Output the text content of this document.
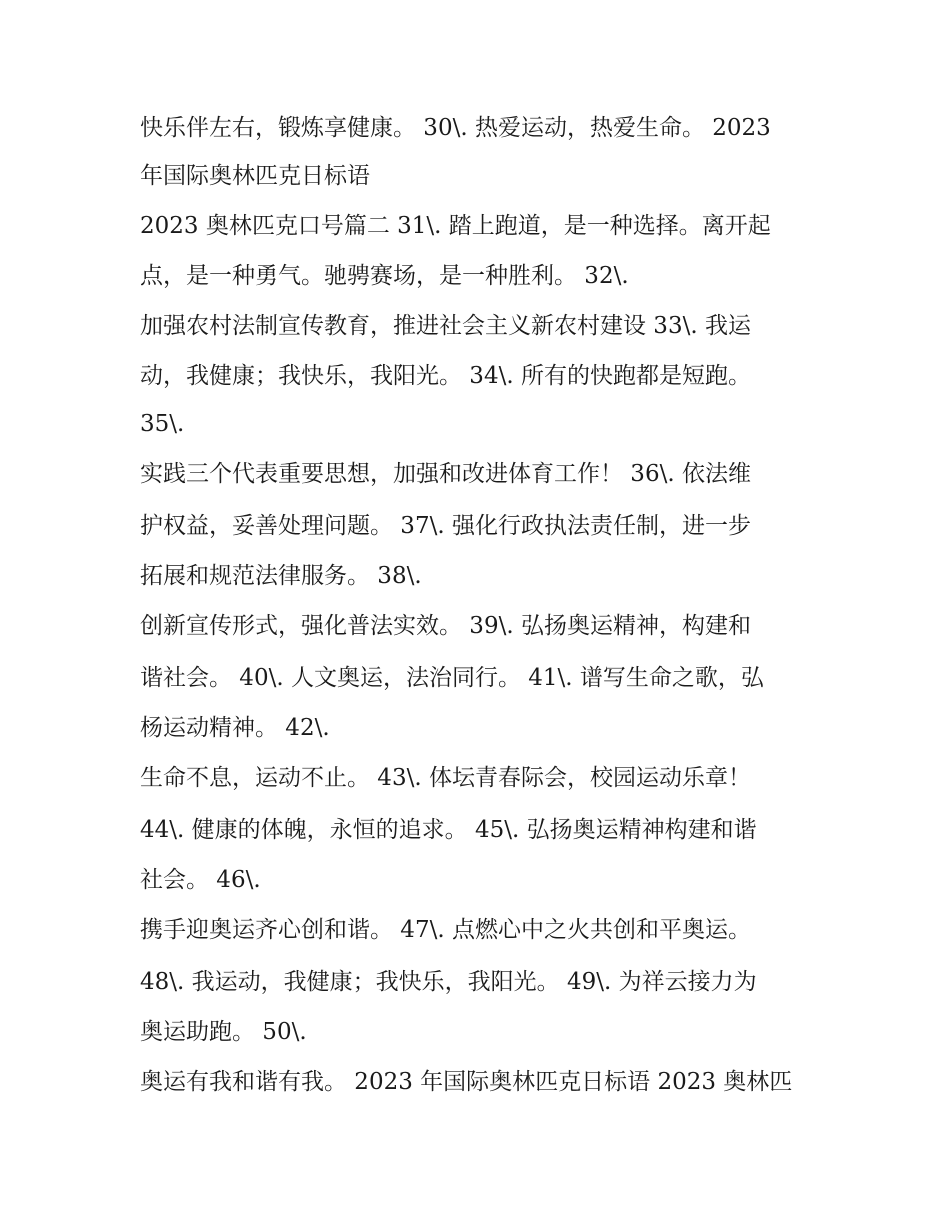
快乐伴左右，锻炼享健康。 30\. 热爱运动，热爱生命。 2023
年国际奥林匹克日标语
2023 奥林匹克口号篇二 31\. 踏上跑道，是一种选择。离开起
点，是一种勇气。驰骋赛场，是一种胜利。 32\.
加强农村法制宣传教育，推进社会主义新农村建设 33\. 我运
动，我健康；我快乐，我阳光。 34\. 所有的快跑都是短跑。
35\.
实践三个代表重要思想，加强和改进体育工作！ 36\. 依法维
护权益，妥善处理问题。 37\. 强化行政执法责任制，进一步
拓展和规范法律服务。 38\.
创新宣传形式，强化普法实效。 39\. 弘扬奥运精神，构建和
谐社会。 40\. 人文奥运，法治同行。 41\. 谱写生命之歌，弘
杨运动精神。 42\.
生命不息，运动不止。 43\. 体坛青春际会，校园运动乐章！
44\. 健康的体魄，永恒的追求。 45\. 弘扬奥运精神构建和谐
社会。 46\.
携手迎奥运齐心创和谐。 47\. 点燃心中之火共创和平奥运。
48\. 我运动，我健康；我快乐，我阳光。 49\. 为祥云接力为
奥运助跑。 50\.
奥运有我和谐有我。 2023 年国际奥林匹克日标语 2023 奥林匹
